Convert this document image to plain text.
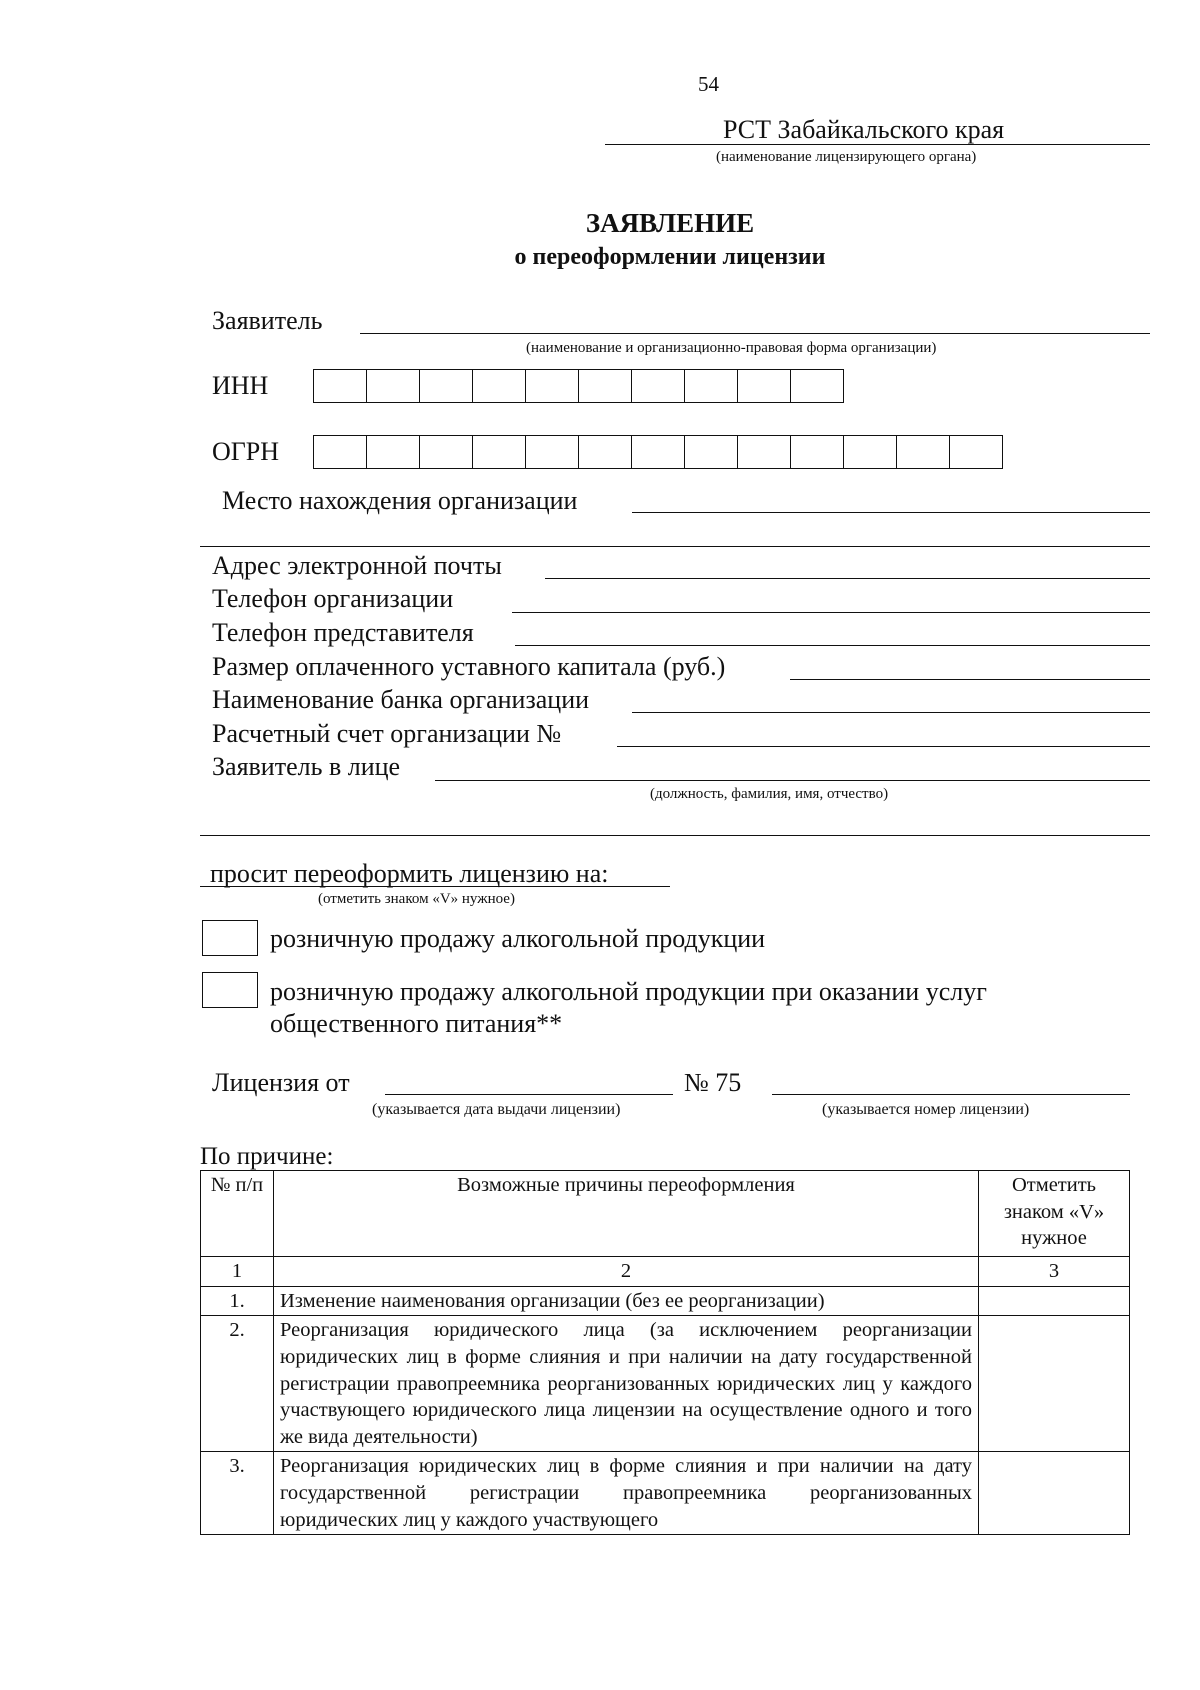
54
РСТ Забайкальского края
(наименование лицензирующего органа)
ЗАЯВЛЕНИЕ
о переоформлении лицензии
Заявитель
(наименование и организационно-правовая форма организации)
ИНН
ОГРН
Место нахождения организации
Адрес электронной почты
Телефон организации
Телефон представителя
Размер оплаченного уставного капитала (руб.)
Наименование банка организации
Расчетный счет организации №
Заявитель в лице
(должность, фамилия, имя, отчество)
просит переоформить лицензию на:
(отметить знаком «V» нужное)
розничную продажу алкогольной продукции
розничную продажу алкогольной продукции при оказании услуг
общественного питания**
Лицензия от	№ 75
(указывается дата выдачи лицензии)	(указывается номер лицензии)
По причине:
№ п/п	Возможные причины переоформления	Отметить знаком «V» нужное
1	2	3
1.	Изменение наименования организации (без ее реорганизации)	
2.	Реорганизация юридического лица (за исключением реорганизации юридических лиц в форме слияния и при наличии на дату государственной регистрации правопреемника реорганизованных юридических лиц у каждого участвующего юридического лица лицензии на осуществление одного и того же вида деятельности)	
3.	Реорганизация юридических лиц в форме слияния и при наличии на дату государственной регистрации правопреемника реорганизованных юридических лиц у каждого участвующего	
